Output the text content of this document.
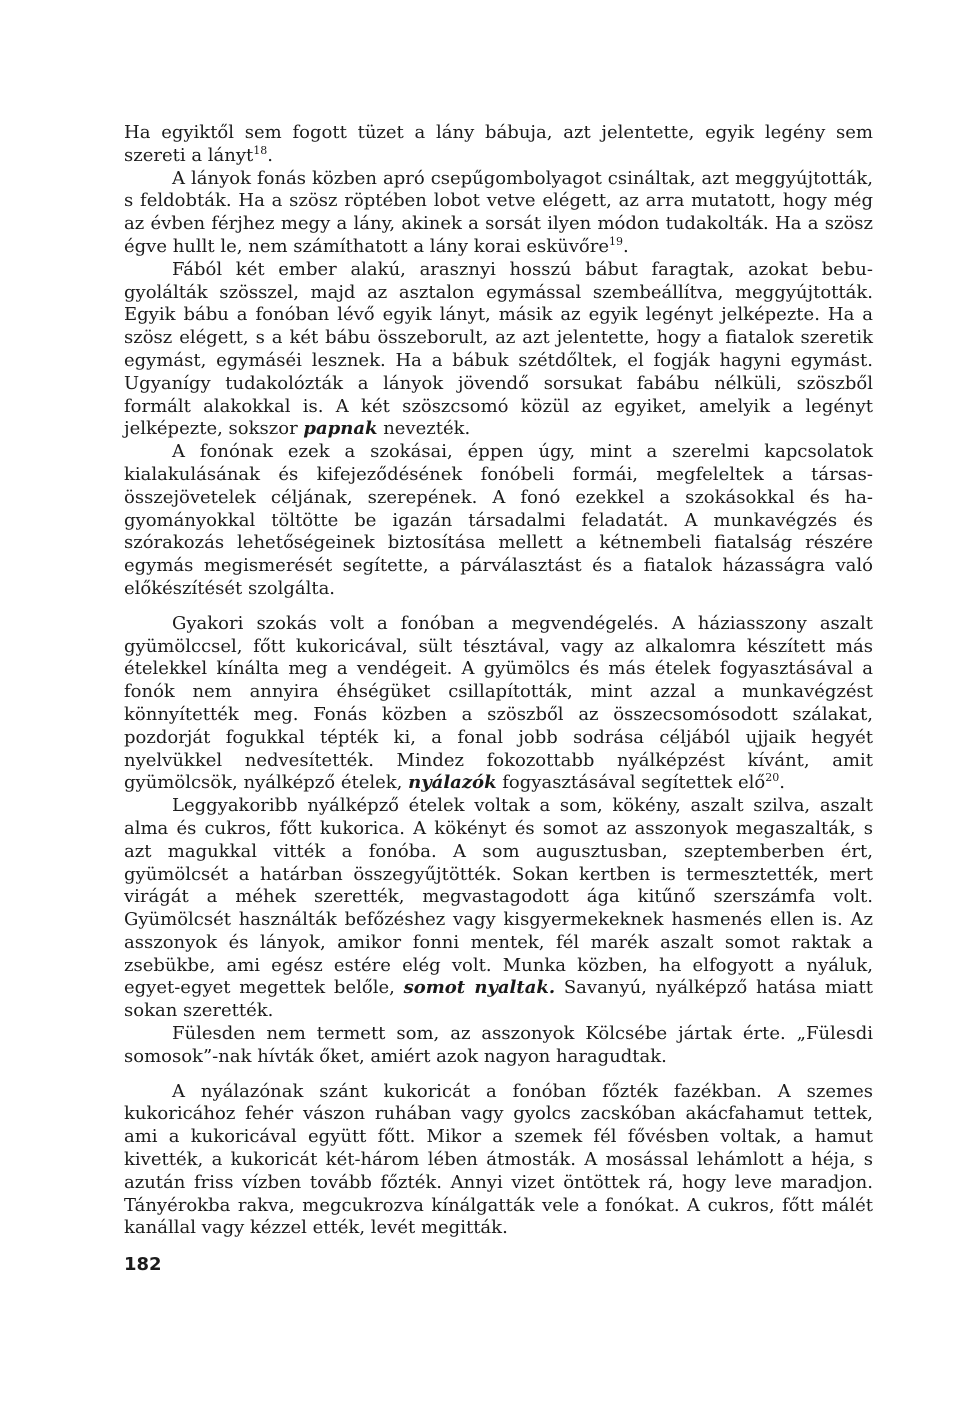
Ha egyiktől sem fogott tüzet a lány bábuja, azt jelentette, egyik legény sem szereti a lányt$^{18}$.

A lányok fonás közben apró csepűgombolyagot csináltak, azt meggyújtották, s feldobták. Ha a szösz röptében lobot vetve elégett, az arra mutatott, hogy még az évben férjhez megy a lány, akinek a sorsát ilyen módon tudakolták. Ha a szösz égve hullt le, nem számíthatott a lány korai esküvőre$^{19}$.

Fából két ember alakú, arasznyi hosszú bábut faragtak, azokat bebugyolálták szösszel, majd az asztalon egymással szembeállítva, meggyújtották. Egyik bábu a fonóban lévő egyik lányt, másik az egyik legényt jelképezte. Ha a szösz elégett, s a két bábu összeborult, az azt jelentette, hogy a fiatalok szeretik egymást, egymáséi lesznek. Ha a bábuk szétdőltek, el fogják hagyni egymást. Ugyanígy tudakolózták a lányok jövendő sorsukat fabábu nélküli, szöszből formált alakokkal is. A két szöszcsomó közül az egyiket, amelyik a legényt jelképezte, sokszor papnak nevezték.

A fonónak ezek a szokásai, éppen úgy, mint a szerelmi kapcsolatok kialakulásának és kifejeződésének fonóbeli formái, megfeleltek a társasösszejövetelek céljának, szerepének. A fonó ezekkel a szokásokkal és hagyományokkal töltötte be igazán társadalmi feladatát. A munkavégzés és szórakozás lehetőségeinek biztosítása mellett a kétnembeli fiatalság részére egymás megismerését segítette, a párválasztást és a fiatalok házasságra való előkészítését szolgálta.

Gyakori szokás volt a fonóban a megvendégelés. A háziasszony aszalt gyümölccsel, főtt kukoricával, sült tésztával, vagy az alkalomra készített más ételekkel kínálta meg a vendégeit. A gyümölcs és más ételek fogyasztásával a fonók nem annyira éhségüket csillapították, mint azzal a munkavégzést könnyítették meg. Fonás közben a szöszből az összecsomósodott szálakat, pozdorját fogukkal tépték ki, a fonal jobb sodrása céljából ujjaik hegyét nyelvükkel nedvesítették. Mindez fokozottabb nyálképzést kívánt, amit gyümölcsök, nyálképző ételek, nyálazók fogyasztásával segítettek elő$^{20}$.

Leggyakoribb nyálképző ételek voltak a som, kökény, aszalt szilva, aszalt alma és cukros, főtt kukorica. A kökényt és somot az asszonyok megaszalták, s azt magukkal vitték a fonóba. A som augusztusban, szeptemberben ért, gyümölcsét a határban összegyűjtötték. Sokan kertben is termesztették, mert virágát a méhek szerették, megvastagodott ága kitűnő szerszámfa volt. Gyümölcsét használták befőzéshez vagy kisgyermekeknek hasmenés ellen is. Az asszonyok és lányok, amikor fonni mentek, fél marék aszalt somot raktak a zsebükbe, ami egész estére elég volt. Munka közben, ha elfogyott a nyáluk, egyet-egyet megettek belőle, somot nyaltak. Savanyú, nyálképző hatása miatt sokan szerették.

Fülesden nem termett som, az asszonyok Kölcsébe jártak érte. „Fülesdi somosok”-nak hívták őket, amiért azok nagyon haragudtak.

A nyálazónak szánt kukoricát a fonóban főzték fazékban. A szemes kukoricához fehér vászon ruhában vagy gyolcs zacskóban akácfahamut tettek, ami a kukoricával együtt főtt. Mikor a szemek fél fővésben voltak, a hamut kivették, a kukoricát két-három lében átmosták. A mosással lehámlott a héja, s azután friss vízben tovább főzték. Annyi vizet öntöttek rá, hogy leve maradjon. Tányérokba rakva, megcukrozva kínálgatták vele a fonókat. A cukros, főtt málét kanállal vagy kézzel ették, levét megitták.

182
